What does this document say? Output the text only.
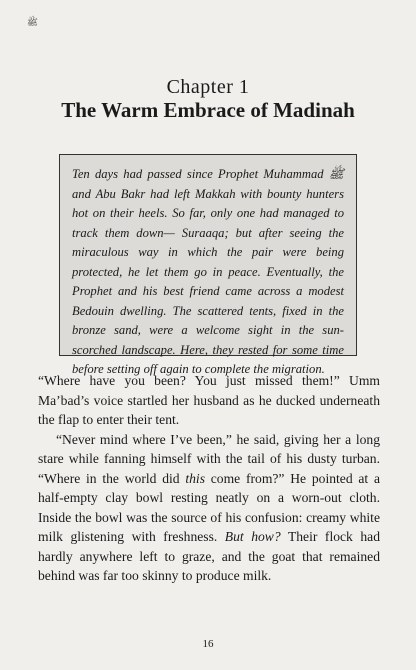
ﷺ
Chapter 1
The Warm Embrace of Madinah

Ten days had passed since Prophet Muhammad ﷺ and Abu Bakr had left Makkah with bounty hunters hot on their heels. So far, only one had managed to track them down— Suraaqa; but after seeing the miraculous way in which the pair were being protected, he let them go in peace. Eventually, the Prophet and his best friend came across a modest Bedouin dwelling. The scattered tents, fixed in the bronze sand, were a welcome sight in the sun-scorched landscape. Here, they rested for some time before setting off again to complete the migration.

“Where have you been? You just missed them!” Umm Ma’bad’s voice startled her husband as he ducked underneath the flap to enter their tent.

“Never mind where I’ve been,” he said, giving her a long stare while fanning himself with the tail of his dusty turban. “Where in the world did this come from?” He pointed at a half-empty clay bowl resting neatly on a worn-out cloth. Inside the bowl was the source of his confusion: creamy white milk glistening with freshness. But how? Their flock had hardly anywhere left to graze, and the goat that remained behind was far too skinny to produce milk.

16
